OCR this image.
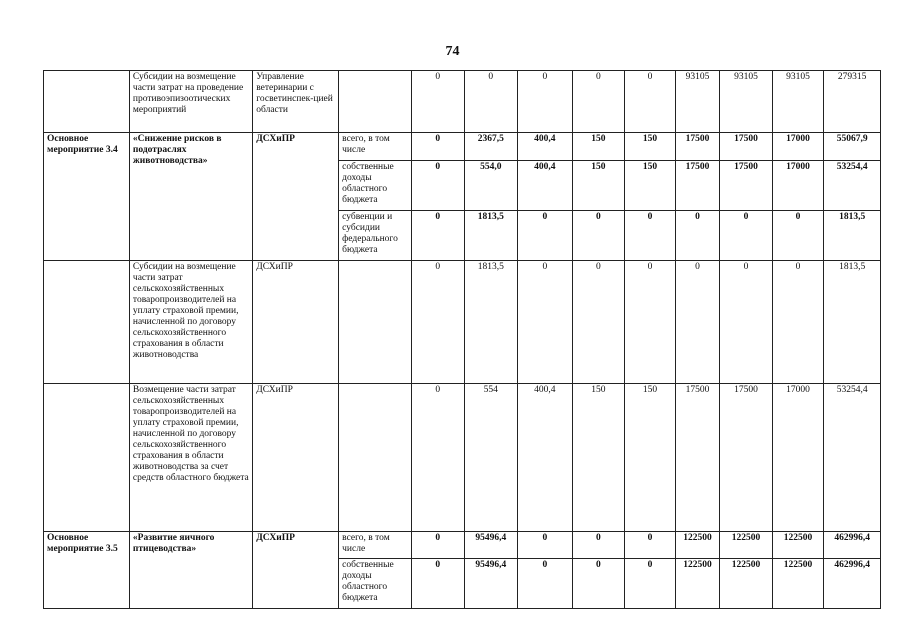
74
	Субсидии на возмещение части затрат на проведение противоэпизоотических мероприятий	Управление ветеринарии с госветинспек-цией области		0	0	0	0	0	93105	93105	93105	279315
Основное мероприятие 3.4	«Снижение рисков в подотраслях животноводства»	ДСХиПР	всего, в том числе	0	2367,5	400,4	150	150	17500	17500	17000	55067,9
			собственные доходы областного бюджета	0	554,0	400,4	150	150	17500	17500	17000	53254,4
			субвенции и субсидии федерального бюджета	0	1813,5	0	0	0	0	0	0	1813,5
	Субсидии на возмещение части затрат сельскохозяйственных товаропроизводителей на уплату страховой премии, начисленной по договору сельскохозяйственного страхования в области животноводства	ДСХиПР		0	1813,5	0	0	0	0	0	0	1813,5
	Возмещение части затрат сельскохозяйственных товаропроизводителей на уплату страховой премии, начисленной по договору сельскохозяйственного страхования в области животноводства за счет средств областного бюджета	ДСХиПР		0	554	400,4	150	150	17500	17500	17000	53254,4
Основное мероприятие 3.5	«Развитие яичного птицеводства»	ДСХиПР	всего, в том числе	0	95496,4	0	0	0	122500	122500	122500	462996,4
			собственные доходы областного бюджета	0	95496,4	0	0	0	122500	122500	122500	462996,4
